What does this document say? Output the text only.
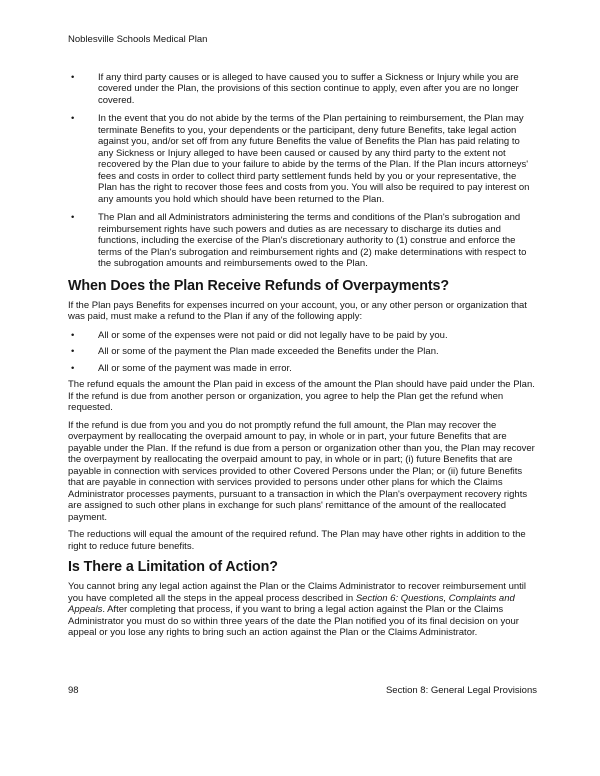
Noblesville Schools Medical Plan
•	If any third party causes or is alleged to have caused you to suffer a Sickness or Injury while you are covered under the Plan, the provisions of this section continue to apply, even after you are no longer covered.
•	In the event that you do not abide by the terms of the Plan pertaining to reimbursement, the Plan may terminate Benefits to you, your dependents or the participant, deny future Benefits, take legal action against you, and/or set off from any future Benefits the value of Benefits the Plan has paid relating to any Sickness or Injury alleged to have been caused or caused by any third party to the extent not recovered by the Plan due to your failure to abide by the terms of the Plan. If the Plan incurs attorneys' fees and costs in order to collect third party settlement funds held by you or your representative, the Plan has the right to recover those fees and costs from you. You will also be required to pay interest on any amounts you hold which should have been returned to the Plan.
•	The Plan and all Administrators administering the terms and conditions of the Plan's subrogation and reimbursement rights have such powers and duties as are necessary to discharge its duties and functions, including the exercise of the Plan's discretionary authority to (1) construe and enforce the terms of the Plan's subrogation and reimbursement rights and (2) make determinations with respect to the subrogation amounts and reimbursements owed to the Plan.
When Does the Plan Receive Refunds of Overpayments?

If the Plan pays Benefits for expenses incurred on your account, you, or any other person or organization that was paid, must make a refund to the Plan if any of the following apply:

•	All or some of the expenses were not paid or did not legally have to be paid by you.
•	All or some of the payment the Plan made exceeded the Benefits under the Plan.
•	All or some of the payment was made in error.

The refund equals the amount the Plan paid in excess of the amount the Plan should have paid under the Plan. If the refund is due from another person or organization, you agree to help the Plan get the refund when requested.

If the refund is due from you and you do not promptly refund the full amount, the Plan may recover the overpayment by reallocating the overpaid amount to pay, in whole or in part, your future Benefits that are payable under the Plan. If the refund is due from a person or organization other than you, the Plan may recover the overpayment by reallocating the overpaid amount to pay, in whole or in part; (i) future Benefits that are payable in connection with services provided to other Covered Persons under the Plan; or (ii) future Benefits that are payable in connection with services provided to persons under other plans for which the Claims Administrator processes payments, pursuant to a transaction in which the Plan's overpayment recovery rights are assigned to such other plans in exchange for such plans' remittance of the amount of the reallocated payment.

The reductions will equal the amount of the required refund. The Plan may have other rights in addition to the right to reduce future benefits.

Is There a Limitation of Action?

You cannot bring any legal action against the Plan or the Claims Administrator to recover reimbursement until you have completed all the steps in the appeal process described in Section 6: Questions, Complaints and Appeals. After completing that process, if you want to bring a legal action against the Plan or the Claims Administrator you must do so within three years of the date the Plan notified you of its final decision on your appeal or you lose any rights to bring such an action against the Plan or the Claims Administrator.

98	Section 8: General Legal Provisions
